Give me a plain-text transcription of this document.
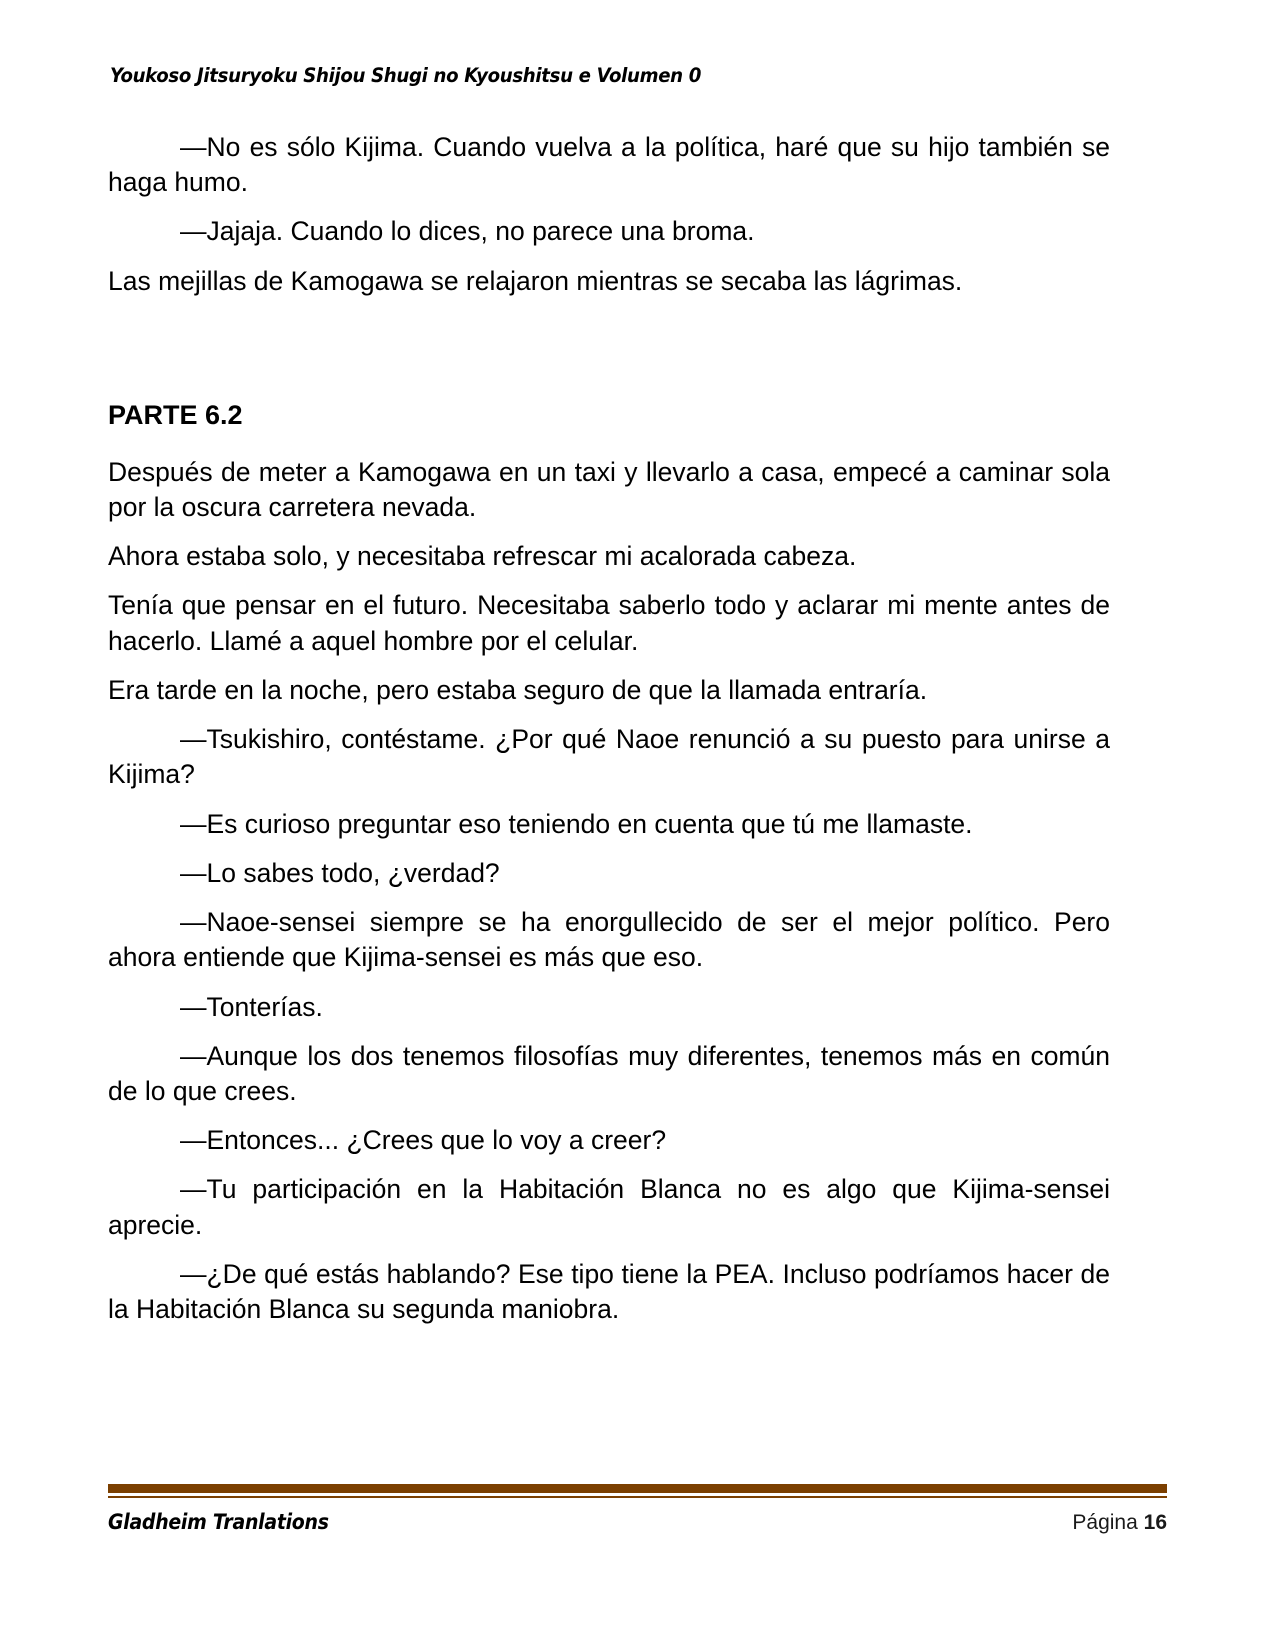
Youkoso Jitsuryoku Shijou Shugi no Kyoushitsu e Volumen 0

—No es sólo Kijima. Cuando vuelva a la política, haré que su hijo también se haga humo.

—Jajaja. Cuando lo dices, no parece una broma.

Las mejillas de Kamogawa se relajaron mientras se secaba las lágrimas.

PARTE 6.2

Después de meter a Kamogawa en un taxi y llevarlo a casa, empecé a caminar sola por la oscura carretera nevada.

Ahora estaba solo, y necesitaba refrescar mi acalorada cabeza.

Tenía que pensar en el futuro. Necesitaba saberlo todo y aclarar mi mente antes de hacerlo. Llamé a aquel hombre por el celular.

Era tarde en la noche, pero estaba seguro de que la llamada entraría.

—Tsukishiro, contéstame. ¿Por qué Naoe renunció a su puesto para unirse a Kijima?

—Es curioso preguntar eso teniendo en cuenta que tú me llamaste.

—Lo sabes todo, ¿verdad?

—Naoe-sensei siempre se ha enorgullecido de ser el mejor político. Pero ahora entiende que Kijima-sensei es más que eso.

—Tonterías.

—Aunque los dos tenemos filosofías muy diferentes, tenemos más en común de lo que crees.

—Entonces... ¿Crees que lo voy a creer?

—Tu participación en la Habitación Blanca no es algo que Kijima-sensei aprecie.

—¿De qué estás hablando? Ese tipo tiene la PEA. Incluso podríamos hacer de la Habitación Blanca su segunda maniobra.

Gladheim Tranlations	Página 16
